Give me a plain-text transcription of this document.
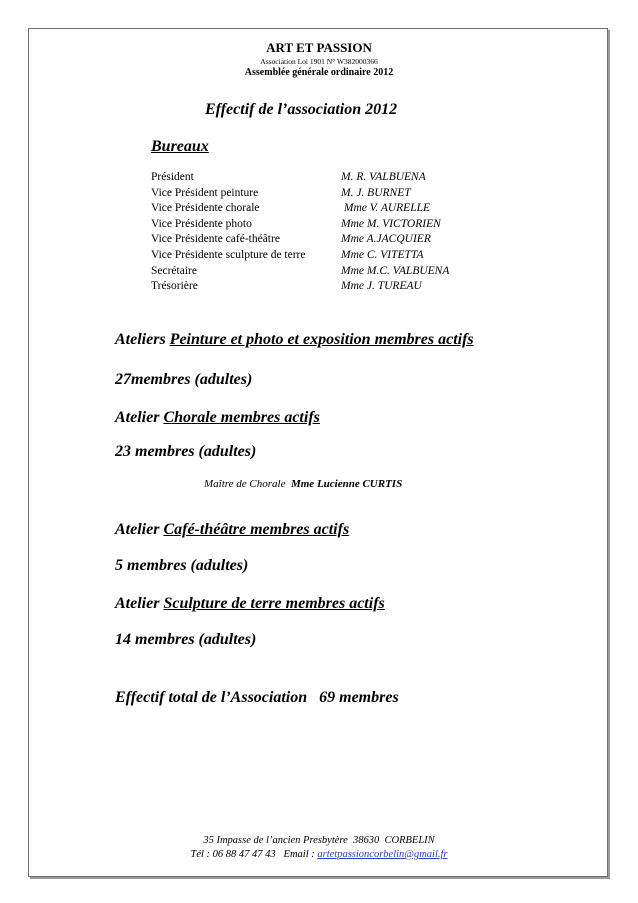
ART ET PASSION
Association Loi 1901 N° W382000366
Assemblée générale ordinaire 2012
Effectif de l’association 2012
Bureaux
Président
Vice Président peinture
Vice Présidente chorale
Vice Présidente photo
Vice Présidente café-théâtre
Vice Présidente sculpture de terre
Secrétaire
Trésorière
M. R. VALBUENA
M. J. BURNET
Mme V. AURELLE
Mme M. VICTORIEN
Mme A.JACQUIER
Mme C. VITETTA
Mme M.C. VALBUENA
Mme J. TUREAU
Ateliers Peinture et photo et exposition membres actifs
27membres (adultes)
Atelier Chorale membres actifs
23 membres (adultes)
Maître de Chorale Mme Lucienne CURTIS
Atelier Café-théâtre membres actifs
5 membres (adultes)
Atelier Sculpture de terre membres actifs
14 membres (adultes)
Effectif total de l’Association   69 membres
35 Impasse de l’ancien Presbytère  38630  CORBELIN
Tél : 06 88 47 47 43   Email : artetpassioncorbelin@gmail.fr
